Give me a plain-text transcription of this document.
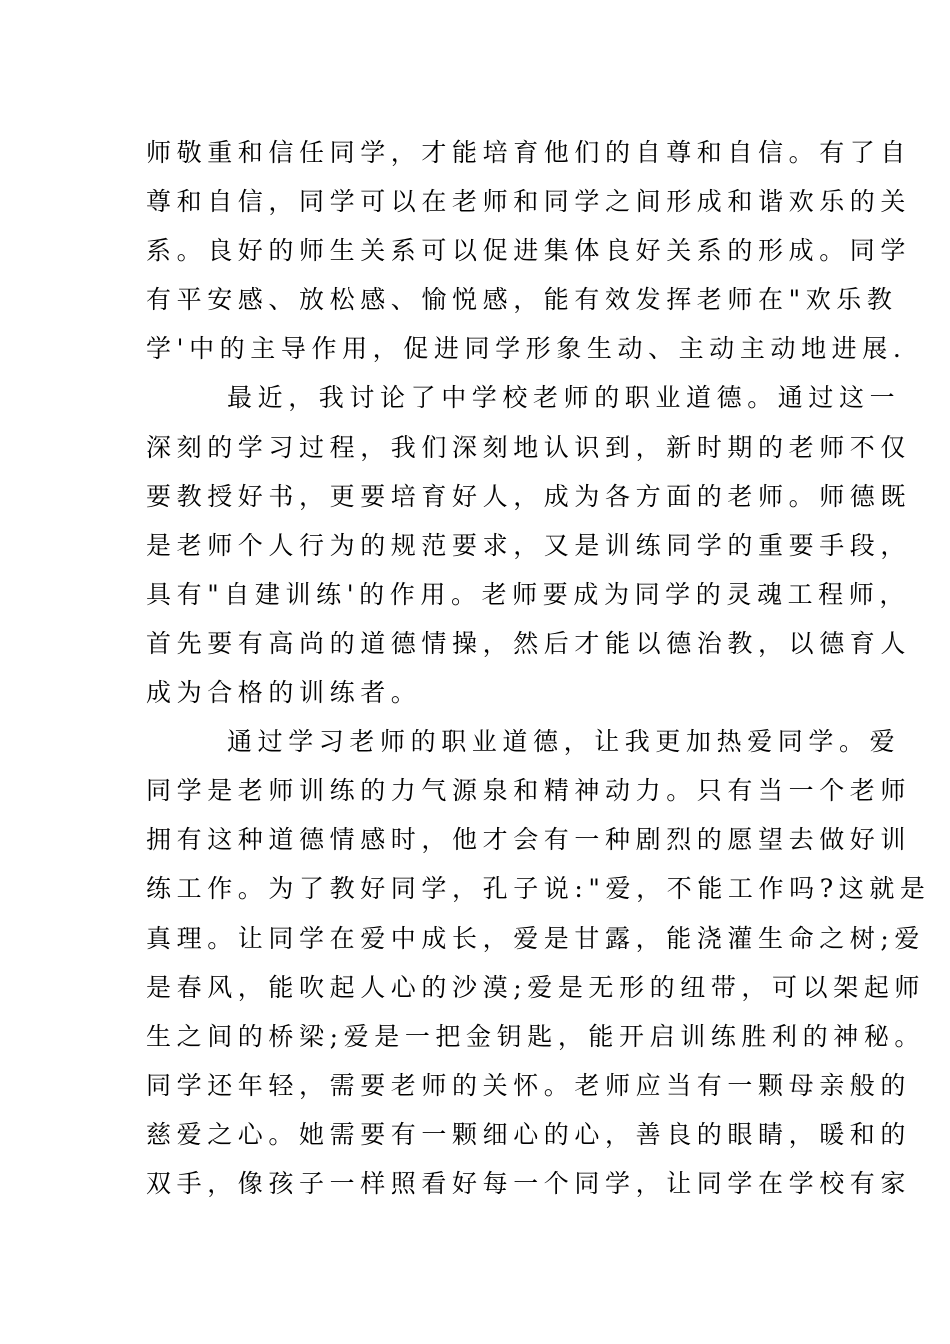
师敬重和信任同学，才能培育他们的自尊和自信。有了自
尊和自信，同学可以在老师和同学之间形成和谐欢乐的关
系。良好的师生关系可以促进集体良好关系的形成。同学
有平安感、放松感、愉悦感，能有效发挥老师在"欢乐教
学'中的主导作用，促进同学形象生动、主动主动地进展.
最近，我讨论了中学校老师的职业道德。通过这一
深刻的学习过程，我们深刻地认识到，新时期的老师不仅
要教授好书，更要培育好人，成为各方面的老师。师德既
是老师个人行为的规范要求，又是训练同学的重要手段，
具有"自建训练'的作用。老师要成为同学的灵魂工程师，
首先要有高尚的道德情操，然后才能以德治教，以德育人
成为合格的训练者。
通过学习老师的职业道德，让我更加热爱同学。爱
同学是老师训练的力气源泉和精神动力。只有当一个老师
拥有这种道德情感时，他才会有一种剧烈的愿望去做好训
练工作。为了教好同学，孔子说:"爱，不能工作吗?这就是
真理。让同学在爱中成长，爱是甘露，能浇灌生命之树;爱
是春风，能吹起人心的沙漠;爱是无形的纽带，可以架起师
生之间的桥梁;爱是一把金钥匙，能开启训练胜利的神秘。
同学还年轻，需要老师的关怀。老师应当有一颗母亲般的
慈爱之心。她需要有一颗细心的心，善良的眼睛，暖和的
双手，像孩子一样照看好每一个同学，让同学在学校有家
